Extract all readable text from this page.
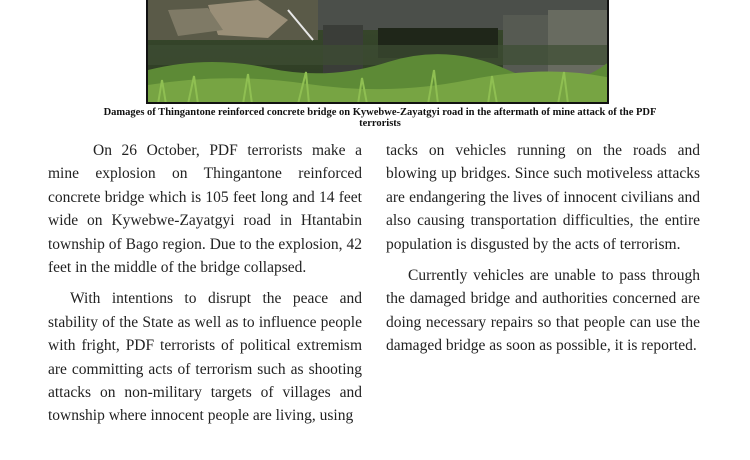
Damages of Thingantone reinforced concrete bridge on Kywebwe-Zayatgyi road in the aftermath of mine attack of the PDF terrorists

On 26 October, PDF terrorists make a mine explosion on Thingantone reinforced concrete bridge which is 105 feet long and 14 feet wide on Kywebwe-Zayatgyi road in Htantabin township of Bago region. Due to the explosion, 42 feet in the middle of the bridge collapsed.

With intentions to disrupt the peace and stability of the State as well as to influence people with fright, PDF terrorists of political extremism are committing acts of terrorism such as shooting attacks on non-military targets of villages and township where innocent people are living, using

tacks on vehicles running on the roads and blowing up bridges. Since such motiveless attacks are endangering the lives of innocent civilians and also causing transportation difficulties, the entire population is disgusted by the acts of terrorism.

Currently vehicles are unable to pass through the damaged bridge and authorities concerned are doing necessary repairs so that people can use the damaged bridge as soon as possible, it is reported.
